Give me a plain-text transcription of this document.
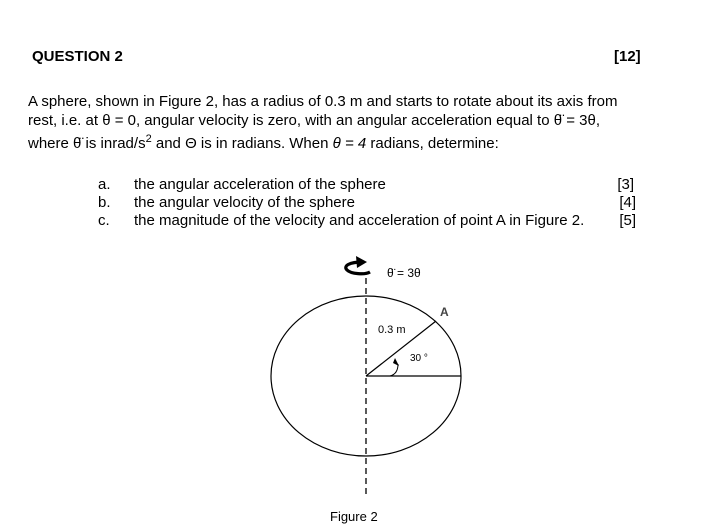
QUESTION 2	[12]
A sphere, shown in Figure 2, has a radius of 0.3 m and starts to rotate about its axis from
rest, i.e. at θ = 0, angular velocity is zero, with an angular acceleration equal to θ̈ = 3θ,
where θ̈ is inrad/$s^2$ and Θ is in radians. When θ = 4 radians, determine:
a. the angular acceleration of the sphere	[3]
b. the angular velocity of the sphere	[4]
c. the magnitude of the velocity and acceleration of point A in Figure 2.	[5]
θ̈ = 3θ
A
0.3 m
30 °
Figure 2
